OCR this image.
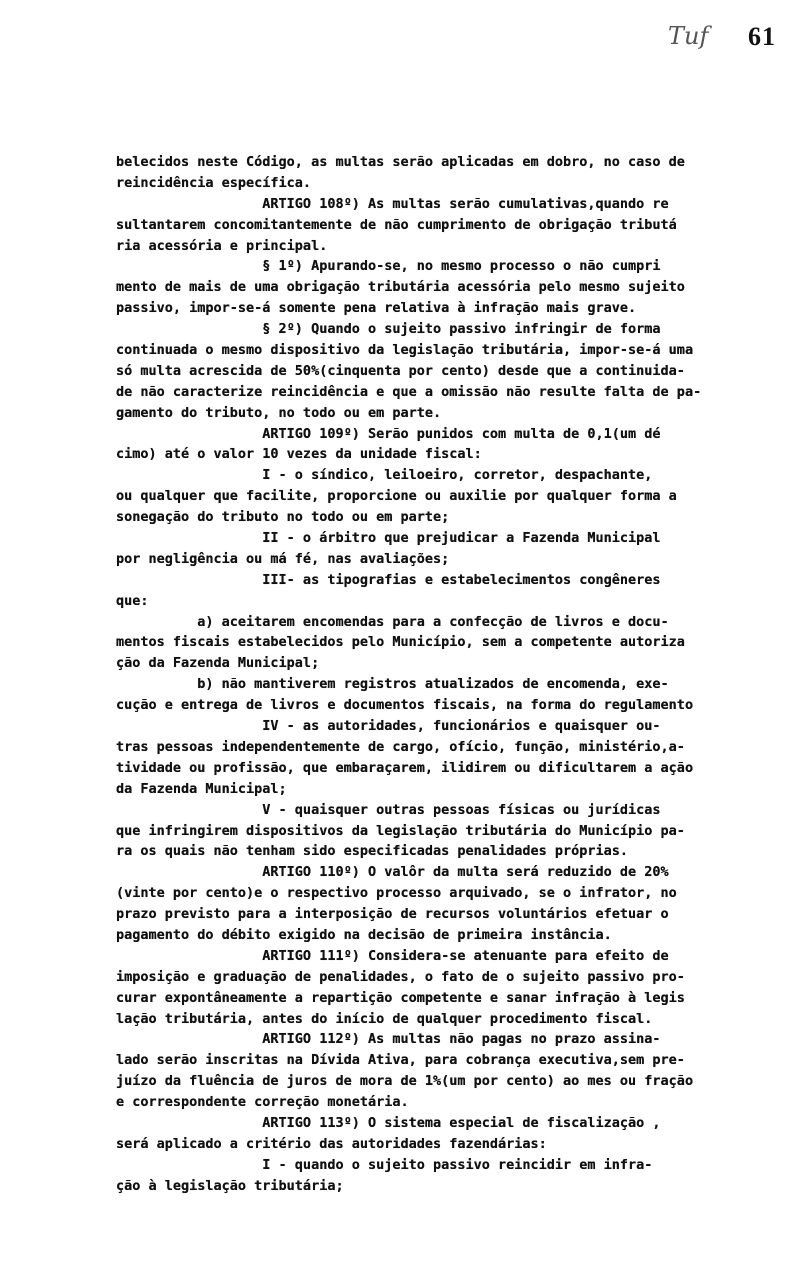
Tuf 61
belecidos neste Código, as multas serão aplicadas em dobro, no caso de
reincidência específica.
ARTIGO 108º) As multas serão cumulativas,quando re
sultantarem concomitantemente de não cumprimento de obrigação tributá
ria acessória e principal.
§ 1º) Apurando-se, no mesmo processo o não cumpri
mento de mais de uma obrigação tributária acessória pelo mesmo sujeito
passivo, impor-se-á somente pena relativa à infração mais grave.
§ 2º) Quando o sujeito passivo infringir de forma
continuada o mesmo dispositivo da legislação tributária, impor-se-á uma
só multa acrescida de 50%(cinquenta por cento) desde que a continuida-
de não caracterize reincidência e que a omissão não resulte falta de pa-
gamento do tributo, no todo ou em parte.
ARTIGO 109º) Serão punidos com multa de 0,1(um dé
cimo) até o valor 10 vezes da unidade fiscal:
I - o síndico, leiloeiro, corretor, despachante,
ou qualquer que facilite, proporcione ou auxilie por qualquer forma a
sonegação do tributo no todo ou em parte;
II - o árbitro que prejudicar a Fazenda Municipal
por negligência ou má fé, nas avaliações;
III- as tipografias e estabelecimentos congêneres
que:
a) aceitarem encomendas para a confecção de livros e docu-
mentos fiscais estabelecidos pelo Município, sem a competente autoriza
ção da Fazenda Municipal;
b) não mantiverem registros atualizados de encomenda, exe-
cução e entrega de livros e documentos fiscais, na forma do regulamento
IV - as autoridades, funcionários e quaisquer ou-
tras pessoas independentemente de cargo, ofício, função, ministério,a-
tividade ou profissão, que embaraçarem, ilidirem ou dificultarem a ação
da Fazenda Municipal;
V - quaisquer outras pessoas físicas ou jurídicas
que infringirem dispositivos da legislação tributária do Município pa-
ra os quais não tenham sido especificadas penalidades próprias.
ARTIGO 110º) O valôr da multa será reduzido de 20%
(vinte por cento)e o respectivo processo arquivado, se o infrator, no
prazo previsto para a interposição de recursos voluntários efetuar o
pagamento do débito exigido na decisão de primeira instância.
ARTIGO 111º) Considera-se atenuante para efeito de
imposição e graduação de penalidades, o fato de o sujeito passivo pro-
curar expontâneamente a repartição competente e sanar infração à legis
lação tributária, antes do início de qualquer procedimento fiscal.
ARTIGO 112º) As multas não pagas no prazo assina-
lado serão inscritas na Dívida Ativa, para cobrança executiva,sem pre-
juízo da fluência de juros de mora de 1%(um por cento) ao mes ou fração
e correspondente correção monetária.
ARTIGO 113º) O sistema especial de fiscalização ,
será aplicado a critério das autoridades fazendárias:
I - quando o sujeito passivo reincidir em infra-
ção à legislação tributária;
